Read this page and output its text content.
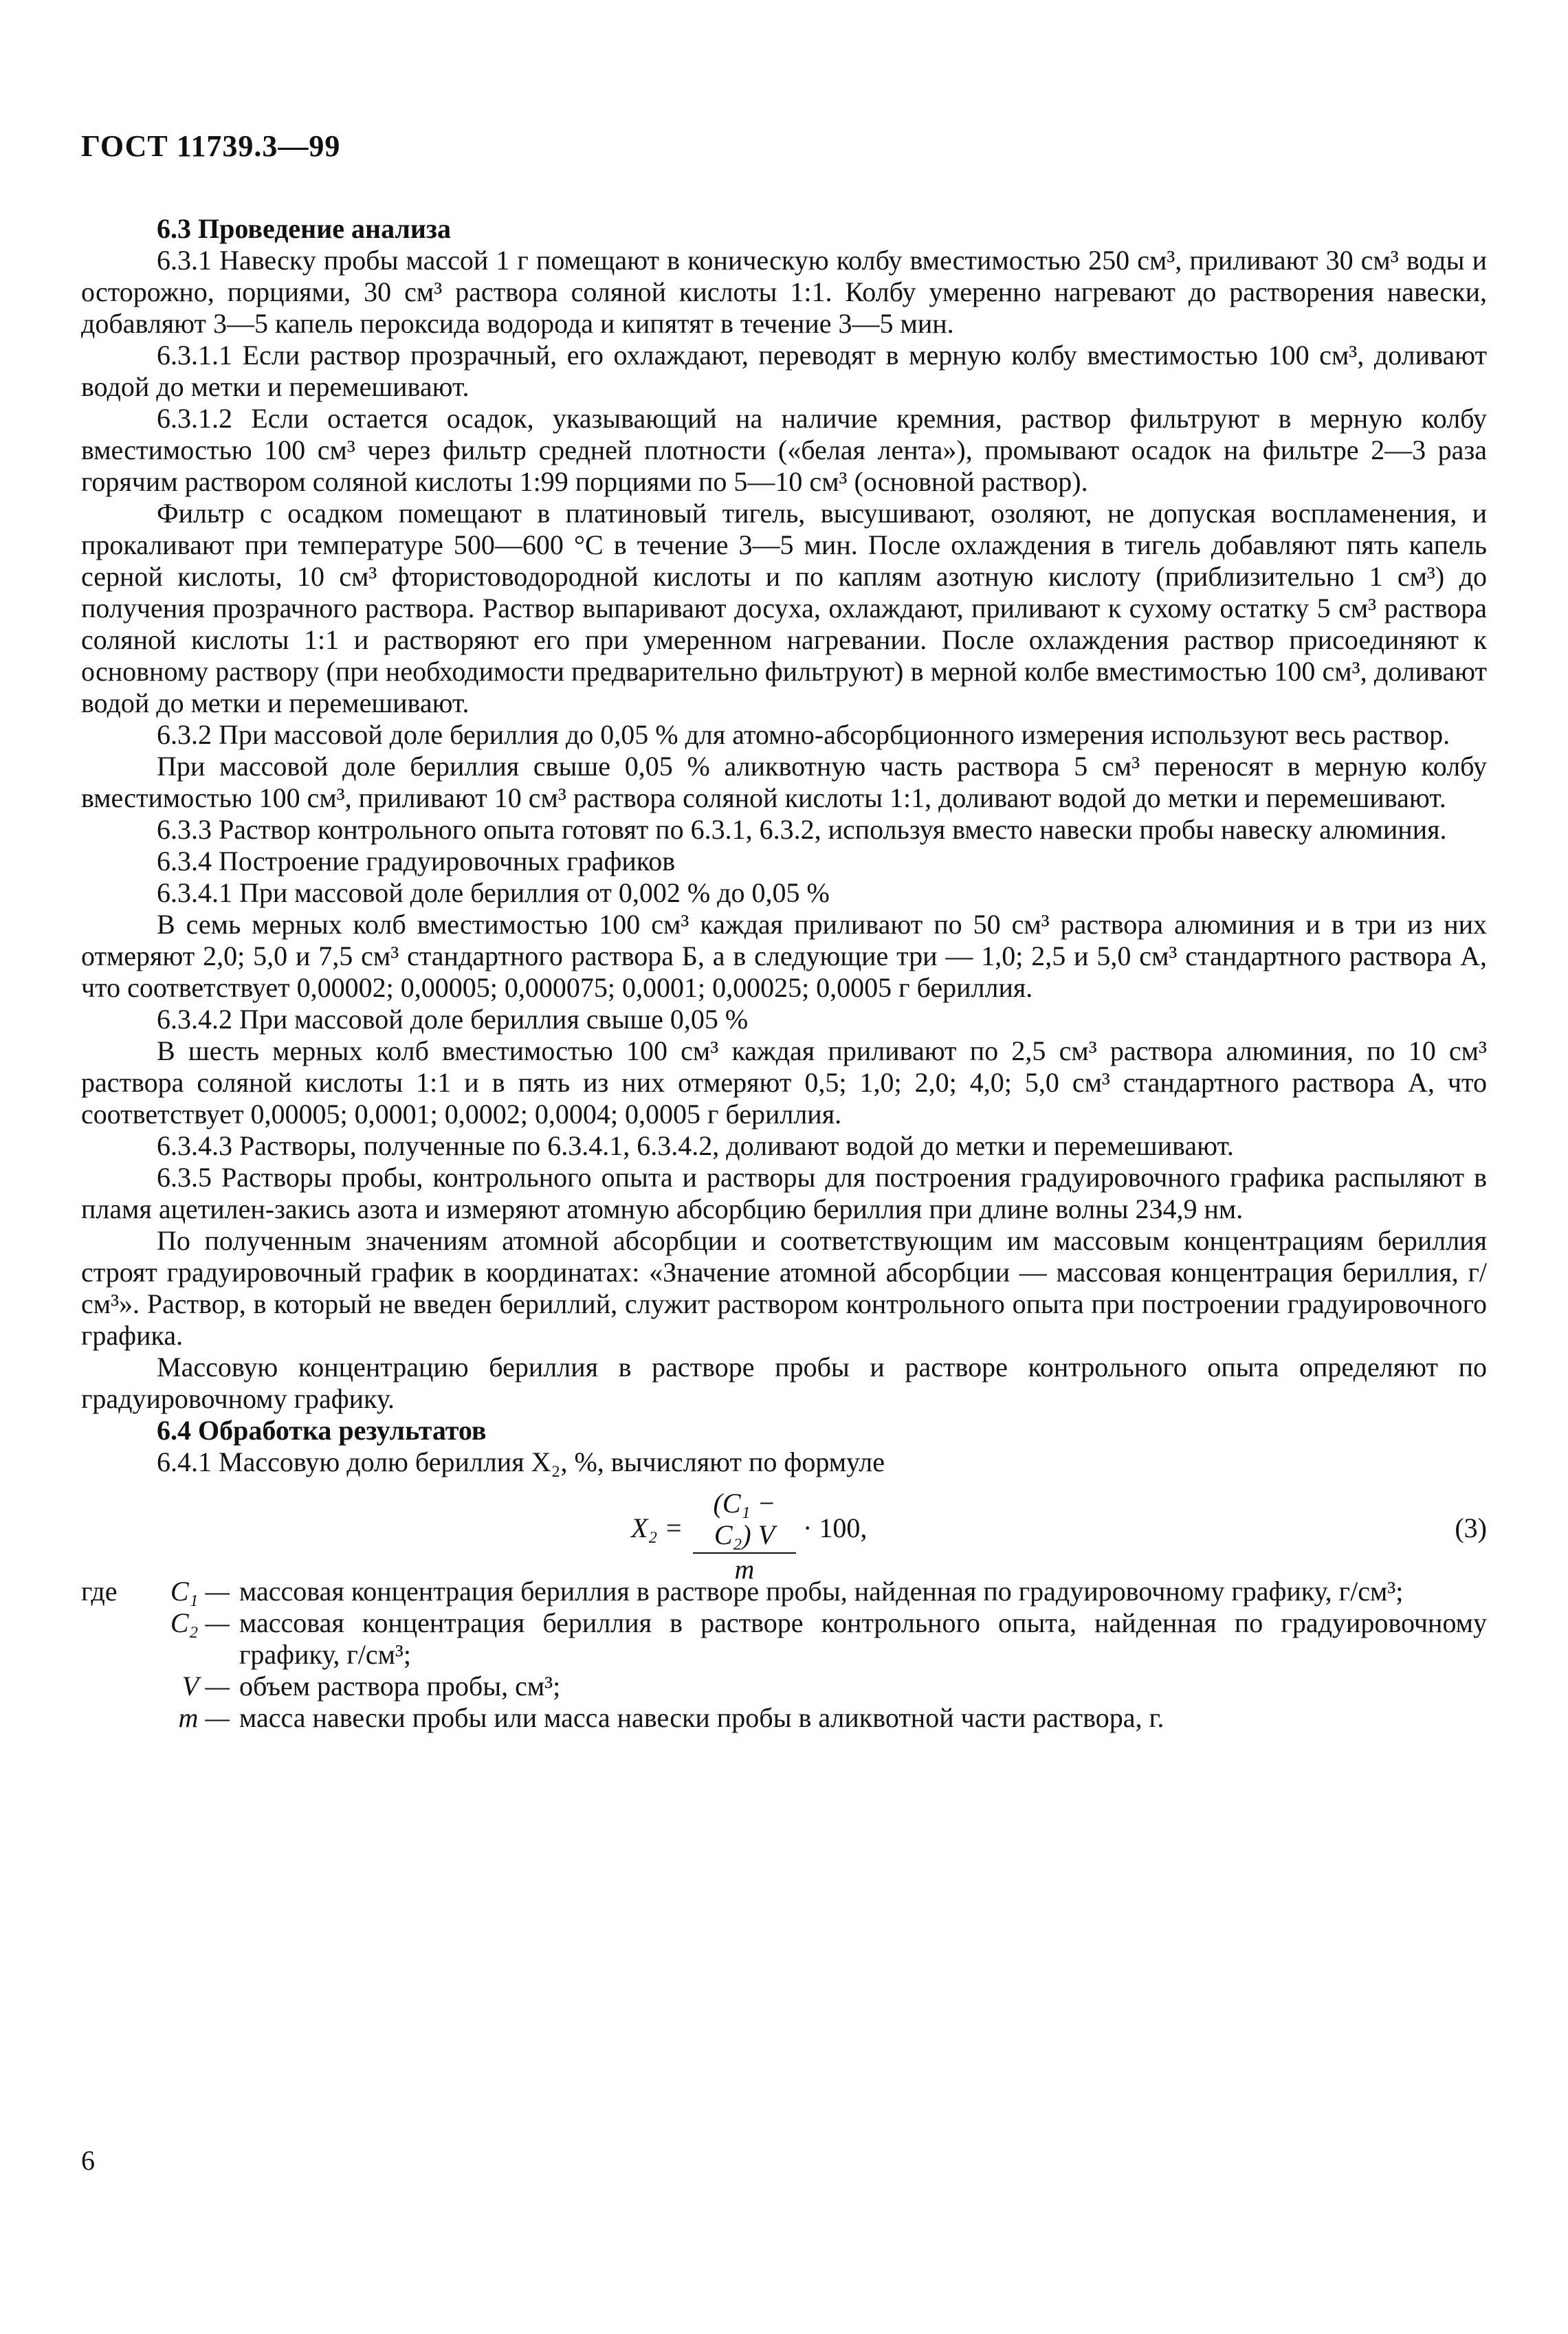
ГОСТ 11739.3—99

6.3 Проведение анализа

6.3.1 Навеску пробы массой 1 г помещают в коническую колбу вместимостью 250 см³, приливают 30 см³ воды и осторожно, порциями, 30 см³ раствора соляной кислоты 1:1. Колбу умеренно нагревают до растворения навески, добавляют 3—5 капель пероксида водорода и кипятят в течение 3—5 мин.

6.3.1.1 Если раствор прозрачный, его охлаждают, переводят в мерную колбу вместимостью 100 см³, доливают водой до метки и перемешивают.

6.3.1.2 Если остается осадок, указывающий на наличие кремния, раствор фильтруют в мерную колбу вместимостью 100 см³ через фильтр средней плотности («белая лента»), промывают осадок на фильтре 2—3 раза горячим раствором соляной кислоты 1:99 порциями по 5—10 см³ (основной раствор).

Фильтр с осадком помещают в платиновый тигель, высушивают, озоляют, не допуская воспламенения, и прокаливают при температуре 500—600 °С в течение 3—5 мин. После охлаждения в тигель добавляют пять капель серной кислоты, 10 см³ фтористоводородной кислоты и по каплям азотную кислоту (приблизительно 1 см³) до получения прозрачного раствора. Раствор выпаривают досуха, охлаждают, приливают к сухому остатку 5 см³ раствора соляной кислоты 1:1 и растворяют его при умеренном нагревании. После охлаждения раствор присоединяют к основному раствору (при необходимости предварительно фильтруют) в мерной колбе вместимостью 100 см³, доливают водой до метки и перемешивают.

6.3.2 При массовой доле бериллия до 0,05 % для атомно-абсорбционного измерения используют весь раствор.

При массовой доле бериллия свыше 0,05 % аликвотную часть раствора 5 см³ переносят в мерную колбу вместимостью 100 см³, приливают 10 см³ раствора соляной кислоты 1:1, доливают водой до метки и перемешивают.

6.3.3 Раствор контрольного опыта готовят по 6.3.1, 6.3.2, используя вместо навески пробы навеску алюминия.

6.3.4 Построение градуировочных графиков

6.3.4.1 При массовой доле бериллия от 0,002 % до 0,05 %

В семь мерных колб вместимостью 100 см³ каждая приливают по 50 см³ раствора алюминия и в три из них отмеряют 2,0; 5,0 и 7,5 см³ стандартного раствора Б, а в следующие три — 1,0; 2,5 и 5,0 см³ стандартного раствора А, что соответствует 0,00002; 0,00005; 0,000075; 0,0001; 0,00025; 0,0005 г бериллия.

6.3.4.2 При массовой доле бериллия свыше 0,05 %

В шесть мерных колб вместимостью 100 см³ каждая приливают по 2,5 см³ раствора алюминия, по 10 см³ раствора соляной кислоты 1:1 и в пять из них отмеряют 0,5; 1,0; 2,0; 4,0; 5,0 см³ стандартного раствора А, что соответствует 0,00005; 0,0001; 0,0002; 0,0004; 0,0005 г бериллия.

6.3.4.3 Растворы, полученные по 6.3.4.1, 6.3.4.2, доливают водой до метки и перемешивают.

6.3.5 Растворы пробы, контрольного опыта и растворы для построения градуировочного графика распыляют в пламя ацетилен-закись азота и измеряют атомную абсорбцию бериллия при длине волны 234,9 нм.

По полученным значениям атомной абсорбции и соответствующим им массовым концентрациям бериллия строят градуировочный график в координатах: «Значение атомной абсорбции — массовая концентрация бериллия, г/см³». Раствор, в который не введен бериллий, служит раствором контрольного опыта при построении градуировочного графика.

Массовую концентрацию бериллия в растворе пробы и растворе контрольного опыта определяют по градуировочному графику.

6.4 Обработка результатов

6.4.1 Массовую долю бериллия X₂, %, вычисляют по формуле

$X_2 = \frac{\text{(C₁ − C₂) V}}{m} \cdot 100$,	(3)
где	C₁ —	массовая концентрация бериллия в растворе пробы, найденная по градуировочному графику, г/см³;
	C₂ —	массовая концентрация бериллия в растворе контрольного опыта, найденная по градуировочному графику, г/см³;
	V —	объем раствора пробы, см³;
	m —	масса навески пробы или масса навески пробы в аликвотной части раствора, г.
6
